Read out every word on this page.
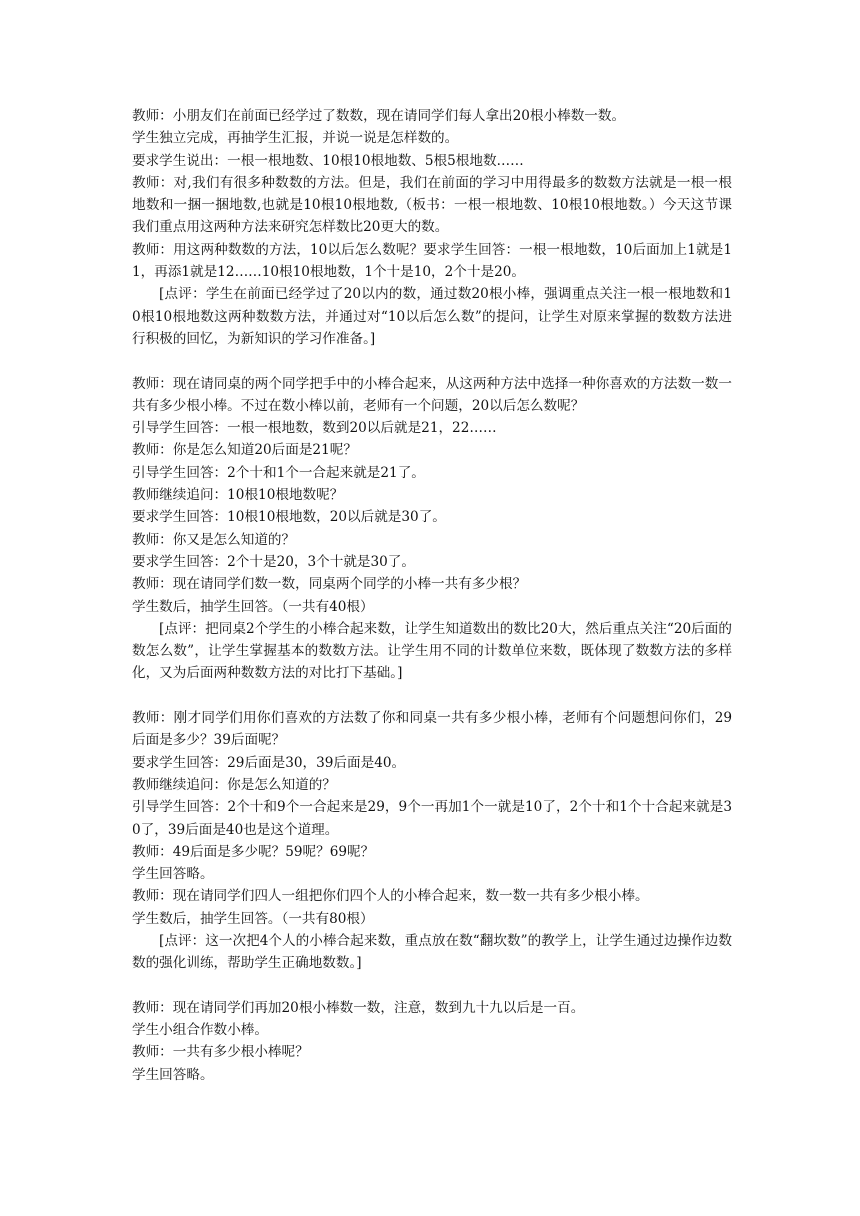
教师：小朋友们在前面已经学过了数数，现在请同学们每人拿出20根小棒数一数。

学生独立完成，再抽学生汇报，并说一说是怎样数的。

要求学生说出：一根一根地数、10根10根地数、5根5根地数……

教师：对,我们有很多种数数的方法。但是，我们在前面的学习中用得最多的数数方法就是一根一根地数和一捆一捆地数,也就是10根10根地数,（板书：一根一根地数、10根10根地数。）今天这节课我们重点用这两种方法来研究怎样数比20更大的数。

教师：用这两种数数的方法，10以后怎么数呢？要求学生回答：一根一根地数，10后面加上1就是11，再添1就是12……10根10根地数，1个十是10，2个十是20。

[点评：学生在前面已经学过了20以内的数，通过数20根小棒，强调重点关注一根一根地数和10根10根地数这两种数数方法，并通过对“10以后怎么数”的提问，让学生对原来掌握的数数方法进行积极的回忆，为新知识的学习作准备。]

教师：现在请同桌的两个同学把手中的小棒合起来，从这两种方法中选择一种你喜欢的方法数一数一共有多少根小棒。不过在数小棒以前，老师有一个问题，20以后怎么数呢？

引导学生回答：一根一根地数，数到20以后就是21，22……

教师：你是怎么知道20后面是21呢？

引导学生回答：2个十和1个一合起来就是21了。

教师继续追问：10根10根地数呢？

要求学生回答：10根10根地数，20以后就是30了。

教师：你又是怎么知道的？

要求学生回答：2个十是20，3个十就是30了。

教师：现在请同学们数一数，同桌两个同学的小棒一共有多少根？

学生数后，抽学生回答。（一共有40根）

[点评：把同桌2个学生的小棒合起来数，让学生知道数出的数比20大，然后重点关注“20后面的数怎么数”，让学生掌握基本的数数方法。让学生用不同的计数单位来数，既体现了数数方法的多样化，又为后面两种数数方法的对比打下基础。]

教师：刚才同学们用你们喜欢的方法数了你和同桌一共有多少根小棒，老师有个问题想问你们，29后面是多少？39后面呢？

要求学生回答：29后面是30，39后面是40。

教师继续追问：你是怎么知道的？

引导学生回答：2个十和9个一合起来是29，9个一再加1个一就是10了，2个十和1个十合起来就是30了，39后面是40也是这个道理。

教师：49后面是多少呢？59呢？69呢？

学生回答略。

教师：现在请同学们四人一组把你们四个人的小棒合起来，数一数一共有多少根小棒。

学生数后，抽学生回答。（一共有80根）

[点评：这一次把4个人的小棒合起来数，重点放在数“翻坎数”的教学上，让学生通过边操作边数数的强化训练，帮助学生正确地数数。]

教师：现在请同学们再加20根小棒数一数，注意，数到九十九以后是一百。

学生小组合作数小棒。

教师：一共有多少根小棒呢？

学生回答略。
